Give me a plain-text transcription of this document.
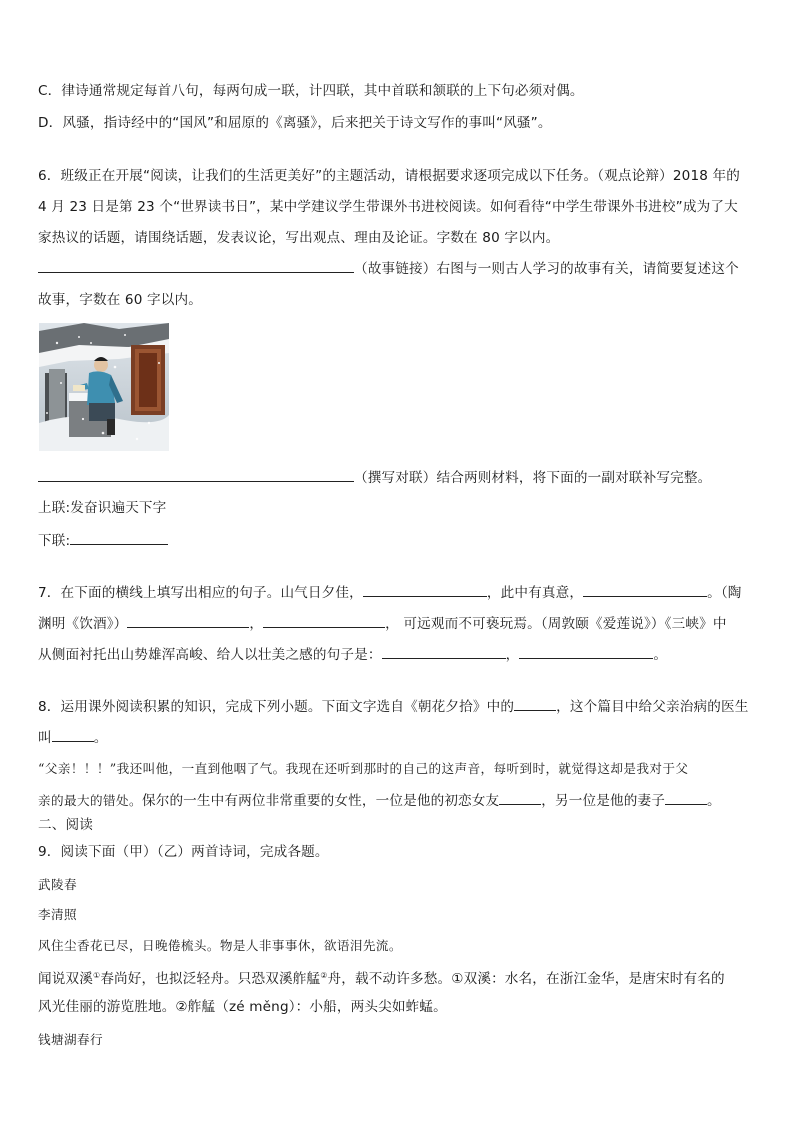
C．律诗通常规定每首八句，每两句成一联，计四联，其中首联和颔联的上下句必须对偶。
D．风骚，指诗经中的“国风”和屈原的《离骚》，后来把关于诗文写作的事叫“风骚”。
6．班级正在开展“阅读，让我们的生活更美好”的主题活动，请根据要求逐项完成以下任务。（观点论辩）2018 年的
4 月 23 日是第 23 个“世界读书日”，某中学建议学生带课外书进校阅读。如何看待“中学生带课外书进校”成为了大
家热议的话题，请围绕话题，发表议论，写出观点、理由及论证。字数在 80 字以内。
（故事链接）右图与一则古人学习的故事有关，请简要复述这个
故事，字数在 60 字以内。
（撰写对联）结合两则材料，将下面的一副对联补写完整。
上联:发奋识遍天下字
下联:
7．在下面的横线上填写出相应的句子。山气日夕佳，	，此中有真意，	。（陶
渊明《饮酒》）	，	， 可远观而不可亵玩焉。（周敦颐《爱莲说》）《三峡》中
从侧面衬托出山势雄浑高峻、给人以壮美之感的句子是：	，	。
8．运用课外阅读积累的知识，完成下列小题。下面文字选自《朝花夕拾》中的	，这个篇目中给父亲治病的医生
叫	。
“父亲！！！”我还叫他，一直到他咽了气。我现在还听到那时的自己的这声音，每听到时，就觉得这却是我对于父
亲的最大的错处。保尔的一生中有两位非常重要的女性，一位是他的初恋女友	，另一位是他的妻子	。
二、阅读
9．阅读下面（甲）（乙）两首诗词，完成各题。
武陵春
李清照
风住尘香花已尽，日晚倦梳头。物是人非事事休，欲语泪先流。
闻说双溪①春尚好，也拟泛轻舟。只恐双溪舴艋②舟，载不动许多愁。①双溪：水名，在浙江金华，是唐宋时有名的
风光佳丽的游览胜地。②舴艋（zé měng）：小船，两头尖如蚱蜢。
钱塘湖春行
